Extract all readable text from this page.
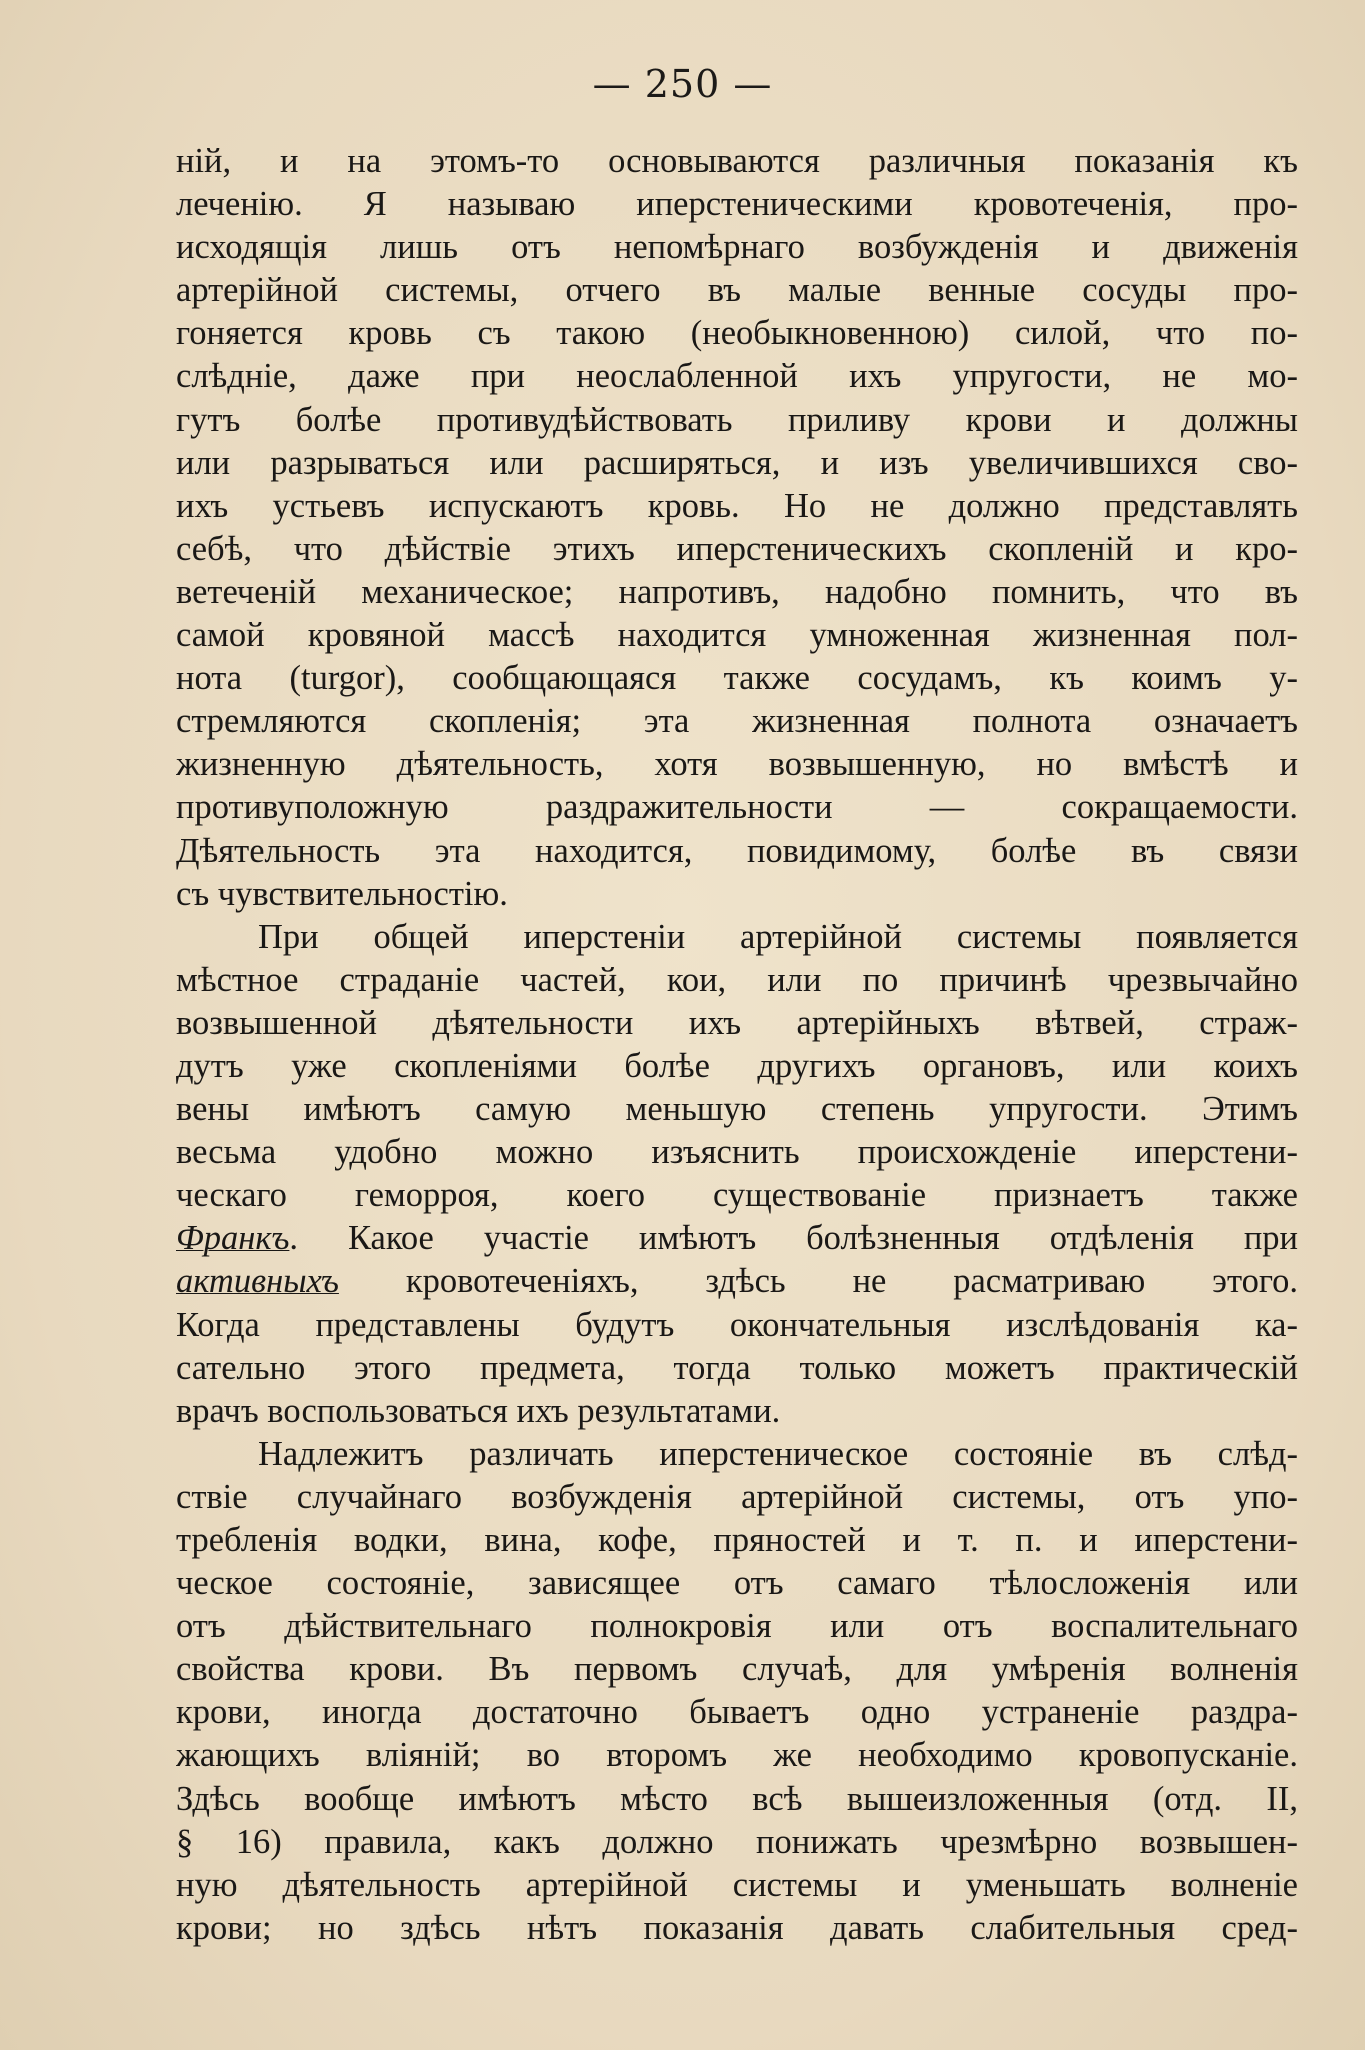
— 250 —
ній, и на этомъ-то основываются различныя показанія къ
леченію. Я называю иперстеническими кровотеченія, про-
исходящія лишь отъ непомѣрнаго возбужденія и движенія
артерійной системы, отчего въ малые венные сосуды про-
гоняется кровь съ такою (необыкновенною) силой, что по-
слѣдніе, даже при неослабленной ихъ упругости, не мо-
гутъ болѣе противудѣйствовать приливу крови и должны
или разрываться или расширяться, и изъ увеличившихся сво-
ихъ устьевъ испускаютъ кровь. Но не должно представлять
себѣ, что дѣйствіе этихъ иперстеническихъ скопленій и кро-
ветеченій механическое; напротивъ, надобно помнить, что въ
самой кровяной массѣ находится умноженная жизненная пол-
нота (turgor), сообщающаяся также сосудамъ, къ коимъ у-
стремляются скопленія; эта жизненная полнота означаетъ
жизненную дѣятельность, хотя возвышенную, но вмѣстѣ и
противуположную раздражительности — сокращаемости.
Дѣятельность эта находится, повидимому, болѣе въ связи
съ чувствительностію.
При общей иперстеніи артерійной системы появляется
мѣстное страданіе частей, кои, или по причинѣ чрезвычайно
возвышенной дѣятельности ихъ артерійныхъ вѣтвей, страж-
дутъ уже скопленіями болѣе другихъ органовъ, или коихъ
вены имѣютъ самую меньшую степень упругости. Этимъ
весьма удобно можно изъяснить происхожденіе иперстени-
ческаго геморроя, коего существованіе признаетъ также
Франкъ. Какое участіе имѣютъ болѣзненныя отдѣленія при
активныхъ кровотеченіяхъ, здѣсь не расматриваю этого.
Когда представлены будутъ окончательныя изслѣдованія ка-
сательно этого предмета, тогда только можетъ практическій
врачъ воспользоваться ихъ результатами.
Надлежитъ различать иперстеническое состояніе въ слѣд-
ствіе случайнаго возбужденія артерійной системы, отъ упо-
требленія водки, вина, кофе, пряностей и т. п. и иперстени-
ческое состояніе, зависящее отъ самаго тѣлосложенія или
отъ дѣйствительнаго полнокровія или отъ воспалительнаго
свойства крови. Въ первомъ случаѣ, для умѣренія волненія
крови, иногда достаточно бываетъ одно устраненіе раздра-
жающихъ вліяній; во второмъ же необходимо кровопусканіе.
Здѣсь вообще имѣютъ мѣсто всѣ вышеизложенныя (отд. II,
§ 16) правила, какъ должно понижать чрезмѣрно возвышен-
ную дѣятельность артерійной системы и уменьшать волненіе
крови; но здѣсь нѣтъ показанія давать слабительныя сред-
